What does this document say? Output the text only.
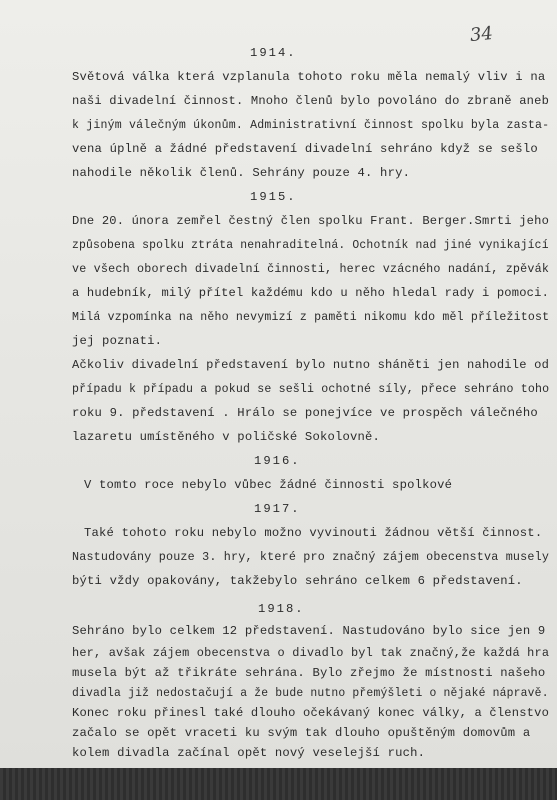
34
1914.
Světová válka která vzplanula tohoto roku měla nemalý vliv i na
naši divadelní činnost. Mnoho členů bylo povoláno do zbraně aneb
k jiným válečným úkonům. Administrativní činnost spolku byla zasta-
vena úplně a žádné představení divadelní sehráno když se sešlo
nahodile několik členů. Sehrány pouze 4. hry.
1915.
Dne 20. února zemřel čestný člen spolku Frant. Berger.Smrti jeho
způsobena spolku ztráta nenahraditelná. Ochotník nad jiné vynikající
ve všech oborech divadelní činnosti, herec vzácného nadání, zpěvák
a hudebník, milý přítel každému kdo u něho hledal rady i pomoci.
Milá vzpomínka na něho nevymizí z paměti nikomu kdo měl příležitost
jej poznati.
Ačkoliv divadelní představení bylo nutno sháněti jen nahodile od
případu k případu a pokud se sešli ochotné síly, přece sehráno toho
roku 9. představení . Hrálo se ponejvíce ve prospěch válečného
lazaretu umístěného v poličské Sokolovně.
1916.
V tomto roce nebylo vůbec žádné činnosti spolkové
1917.
Také tohoto roku nebylo možno vyvinouti žádnou větší činnost.
Nastudovány pouze 3. hry, které pro značný zájem obecenstva musely
býti vždy opakovány, takžebylo sehráno celkem 6 představení.
1918.
Sehráno bylo celkem 12 představení. Nastudováno bylo sice jen 9
her, avšak zájem obecenstva o divadlo byl tak značný,že každá hra
musela být až třikráte sehrána. Bylo zřejmo že místnosti našeho
divadla již nedostačují a že bude nutno přemýšleti o nějaké nápravě.
Konec roku přinesl také dlouho očekávaný konec války, a členstvo
začalo se opět vraceti ku svým tak dlouho opuštěným domovům a
kolem divadla začínal opět nový veselejší ruch.
